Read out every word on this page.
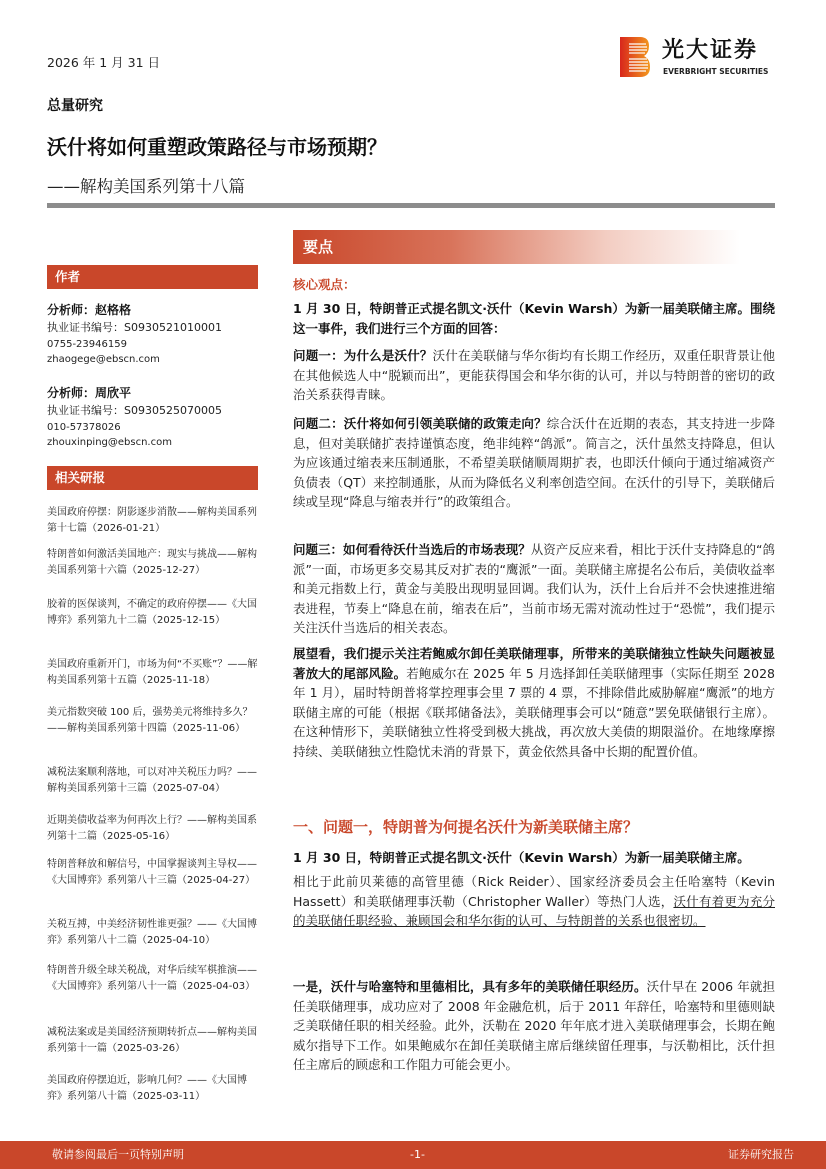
2026 年 1 月 31 日
总量研究
沃什将如何重塑政策路径与市场预期？
——解构美国系列第十八篇
光大证券
EVERBRIGHT SECURITIES
作者
分析师：赵格格
执业证书编号：S0930521010001
0755-23946159
zhaogege@ebscn.com
分析师：周欣平
执业证书编号：S0930525070005
010-57378026
zhouxinping@ebscn.com
相关研报
美国政府停摆：阴影逐步消散——解构美国系列第十七篇（2026-01-21）
特朗普如何激活美国地产：现实与挑战——解构美国系列第十六篇（2025-12-27）
胶着的医保谈判，不确定的政府停摆——《大国博弈》系列第九十二篇（2025-12-15）
美国政府重新开门，市场为何“不买账”？——解构美国系列第十五篇（2025-11-18）
美元指数突破 100 后，强势美元将维持多久？——解构美国系列第十四篇（2025-11-06）
减税法案顺利落地，可以对冲关税压力吗？——解构美国系列第十三篇（2025-07-04）
近期美债收益率为何再次上行？——解构美国系列第十二篇（2025-05-16）
特朗普释放和解信号，中国掌握谈判主导权——《大国博弈》系列第八十三篇（2025-04-27）
关税互搏，中美经济韧性谁更强？——《大国博弈》系列第八十二篇（2025-04-10）
特朗普升级全球关税战，对华后续军棋推演——《大国博弈》系列第八十一篇（2025-04-03）
减税法案或是美国经济预期转折点——解构美国系列第十一篇（2025-03-26）
美国政府停摆迫近，影响几何？——《大国博弈》系列第八十篇（2025-03-11）
要点
核心观点：
1 月 30 日，特朗普正式提名凯文·沃什（Kevin Warsh）为新一届美联储主席。围绕这一事件，我们进行三个方面的回答：
问题一：为什么是沃什？沃什在美联储与华尔街均有长期工作经历，双重任职背景让他在其他候选人中“脱颖而出”，更能获得国会和华尔街的认可，并以与特朗普的密切的政治关系获得青睐。
问题二：沃什将如何引领美联储的政策走向？综合沃什在近期的表态，其支持进一步降息，但对美联储扩表持谨慎态度，绝非纯粹“鸽派”。简言之，沃什虽然支持降息，但认为应该通过缩表来压制通胀，不希望美联储顺周期扩表，也即沃什倾向于通过缩减资产负债表（QT）来控制通胀，从而为降低名义利率创造空间。在沃什的引导下，美联储后续或呈现“降息与缩表并行”的政策组合。
问题三：如何看待沃什当选后的市场表现？从资产反应来看，相比于沃什支持降息的“鸽派”一面，市场更多交易其反对扩表的“鹰派”一面。美联储主席提名公布后，美债收益率和美元指数上行，黄金与美股出现明显回调。我们认为，沃什上台后并不会快速推进缩表进程，节奏上“降息在前，缩表在后”，当前市场无需对流动性过于“恐慌”，我们提示关注沃什当选后的相关表态。
展望看，我们提示关注若鲍威尔卸任美联储理事，所带来的美联储独立性缺失问题被显著放大的尾部风险。若鲍威尔在 2025 年 5 月选择卸任美联储理事（实际任期至 2028 年 1 月），届时特朗普将掌控理事会里 7 票的 4 票，不排除借此威胁解雇“鹰派”的地方联储主席的可能（根据《联邦储备法》，美联储理事会可以“随意”罢免联储银行主席）。在这种情形下，美联储独立性将受到极大挑战，再次放大美债的期限溢价。在地缘摩擦持续、美联储独立性隐忧未消的背景下，黄金依然具备中长期的配置价值。
一、问题一，特朗普为何提名沃什为新美联储主席？
1 月 30 日，特朗普正式提名凯文·沃什（Kevin Warsh）为新一届美联储主席。
相比于此前贝莱德的高管里德（Rick Reider）、国家经济委员会主任哈塞特（Kevin Hassett）和美联储理事沃勒（Christopher Waller）等热门人选，沃什有着更为充分的美联储任职经验、兼顾国会和华尔街的认可、与特朗普的关系也很密切。
一是，沃什与哈塞特和里德相比，具有多年的美联储任职经历。沃什早在 2006 年就担任美联储理事，成功应对了 2008 年金融危机，后于 2011 年辞任，哈塞特和里德则缺乏美联储任职的相关经验。此外，沃勒在 2020 年年底才进入美联储理事会，长期在鲍威尔指导下工作。如果鲍威尔在卸任美联储主席后继续留任理事，与沃勒相比，沃什担任主席后的顾虑和工作阻力可能会更小。
敬请参阅最后一页特别声明	-1-	证券研究报告
